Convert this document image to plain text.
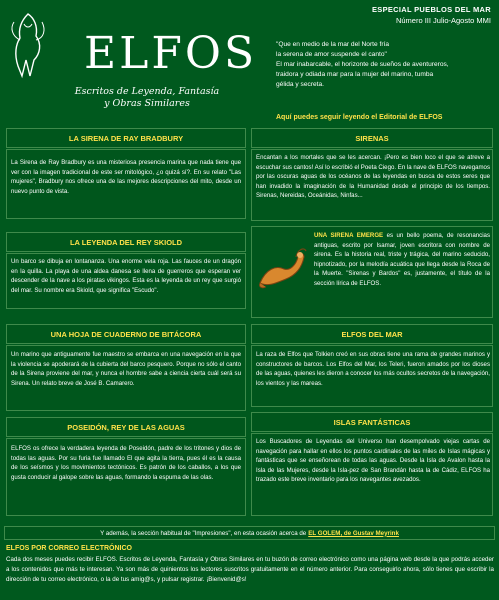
ELFOS
Escritos de Leyenda, Fantasía
y Obras Similares
ESPECIAL PUEBLOS DEL MAR
Número III Julio-Agosto MMI
"Que en medio de la mar del Norte fría
la serena de amor suspende el canto"
El mar inabarcable, el horizonte de sueños de aventureros,
traidora y odiada mar para la mujer del marino, tumba
gélida y secreta.
Aquí puedes seguir leyendo el Editorial de ELFOS
LA SIRENA DE RAY BRADBURY
La Sirena de Ray Bradbury es una misteriosa presencia marina que nada tiene que ver con la imagen tradicional de este ser mitológico, ¿o quizá sí?. En su relato "Las mujeres", Bradbury nos ofrece una de las mejores descripciones del mito, desde un nuevo punto de vista.
LA LEYENDA DEL REY SKIOLD
Un barco se dibuja en lontananza. Una enorme vela roja. Las fauces de un dragón en la quilla. La playa de una aldea danesa se llena de guerreros que esperan ver descender de la nave a los piratas vikingos. Esta es la leyenda de un rey que surgió del mar. Su nombre era Skiold, que significa "Escudo".
UNA HOJA DE CUADERNO DE BITÁCORA
Un marino que antiguamente fue maestro se embarca en una navegación en la que la violencia se apoderará de la cubierta del barco pesquero. Porque no sólo el canto de la Sirena proviene del mar, y nunca el hombre sabe a ciencia cierta cuál será su Sirena. Un relato breve de José B. Camarero.
POSEIDÓN, REY DE LAS AGUAS
ELFOS os ofrece la verdadera leyenda de Poseidón, padre de los tritones y dios de todas las aguas. Por su furia fue llamado El que agita la tierra, pues él es la causa de los seísmos y los movimientos tectónicos. Es patrón de los caballos, a los que gusta conducir al galope sobre las aguas, formando la espuma de las olas.
SIRENAS
Encantan a los mortales que se les acercan. ¡Pero es bien loco el que se atreve a escuchar sus cantos! Así lo escribió el Poeta Ciego. En la nave de ELFOS navegamos por las oscuras aguas de los océanos de las leyendas en busca de estos seres que han invadido la imaginación de la Humanidad desde el principio de los tiempos. Sirenas, Nereidas, Oceánidas, Ninfas...
UNA SIRENA EMERGE es un bello poema, de resonancias antiguas, escrito por Isamar, joven escritora con nombre de sirena. Es la historia real, triste y trágica, del marino seducido, hipnotizado, por la melodía acuática que llega desde la Roca de la Muerte. "Sirenas y Bardos" es, justamente, el título de la sección lírica de ELFOS.
ELFOS DEL MAR
La raza de Elfos que Tolkien creó en sus obras tiene una rama de grandes marinos y constructores de barcos. Los Elfos del Mar, los Teleri, fueron amados por los dioses de las aguas, quienes les dieron a conocer los más ocultos secretos de la navegación, los vientos y las mareas.
ISLAS FANTÁSTICAS
Los Buscadores de Leyendas del Universo han desempolvado viejas cartas de navegación para hallar en ellos los puntos cardinales de las miles de Islas mágicas y fantásticas que se enseñorean de todas las aguas. Desde la Isla de Avalon hasta la Isla de las Mujeres, desde la Isla-pez de San Brandán hasta la de Cádiz, ELFOS ha trazado este breve inventario para los navegantes avezados.
Y además, la sección habitual de "Impresiones", en esta ocasión acerca de EL GOLEM, de Gustav Meyrink
ELFOS POR CORREO ELECTRÓNICO
Cada dos meses puedes recibir ELFOS. Escritos de Leyenda, Fantasía y Obras Similares en tu buzón de correo electrónico como una página web desde la que podrás acceder a los contenidos que más te interesan. Ya son más de quinientos los lectores suscritos gratuitamente en el número anterior. Para conseguirlo ahora, sólo tienes que escribir la dirección de tu correo electrónico, o la de tus amig@s, y pulsar registrar. ¡Bienvenid@s!
